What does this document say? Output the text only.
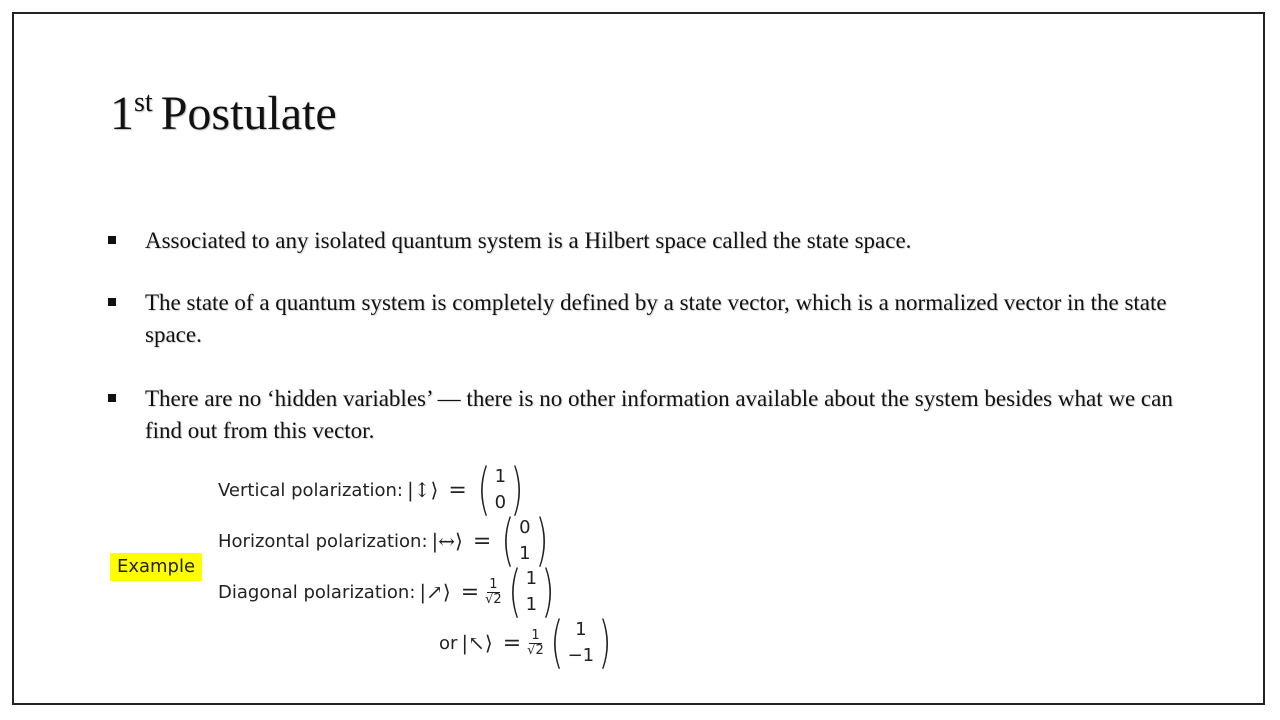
1st Postulate
Associated to any isolated quantum system is a Hilbert space called the state space.
The state of a quantum system is completely defined by a state vector, which is a normalized vector in the state space.
There are no ‘hidden variables’ — there is no other information available about the system besides what we can find out from this vector.
Example
Vertical polarization: |↕⟩ = ( 1
0 )
Horizontal polarization: |↔⟩ = ( 0
1 )
Diagonal polarization: |↗⟩ = $\frac{1}{√2}$ ( 1
1 )
or |↖⟩ = $\frac{1}{√2}$ ( 1
−1 )
